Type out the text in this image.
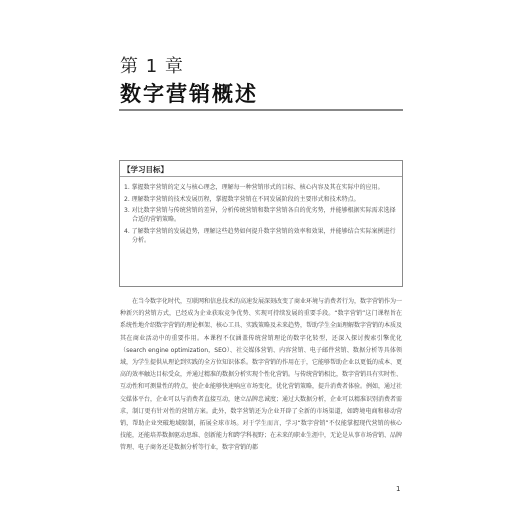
第 1 章
数字营销概述
【学习目标】
1. 掌握数字营销的定义与核心理念，理解每一种营销形式的目标、核心内容及其在实际中的应用。
2. 理解数字营销的技术发展历程，掌握数字营销在不同发展阶段的主要形式和技术特点。
3. 对比数字营销与传统营销的差异，分析传统营销和数字营销各自的优劣势，并能够根据实际需求选择合适的营销策略。
4. 了解数字营销的发展趋势，理解这些趋势如何提升数字营销的效率和效果，并能够结合实际案例进行分析。

在当今数字化时代，互联网和信息技术的高速发展深刻改变了商业环境与消费者行为，数字营销作为一种新兴的营销方式，已经成为企业获取竞争优势、实现可持续发展的重要手段。“数字营销”这门课程旨在系统性地介绍数字营销的理论框架、核心工具、实践策略及未来趋势，帮助学生全面理解数字营销的本质及其在商业活动中的重要作用。本课程不仅涵盖传统营销理论的数字化转型，还深入探讨搜索引擎优化（search engine optimization，SEO）、社交媒体营销、内容营销、电子邮件营销、数据分析等具体领域，为学生提供从理论到实践的全方位知识体系。数字营销的作用在于，它能够帮助企业以更低的成本、更高的效率触达目标受众，并通过精准的数据分析实现个性化营销。与传统营销相比，数字营销具有实时性、互动性和可测量性的特点，使企业能够快速响应市场变化，优化营销策略，提升消费者体验。例如，通过社交媒体平台，企业可以与消费者直接互动，建立品牌忠诚度；通过大数据分析，企业可以精准识别消费者需求，制订更有针对性的营销方案。此外，数字营销还为企业开辟了全新的市场渠道，如跨境电商和移动营销，帮助企业突破地域限制，拓展全球市场。对于学生而言，学习“数字营销”不仅能掌握现代营销的核心技能，还能培养数据驱动思维、创新能力和跨学科视野；在未来的职业生涯中，无论是从事市场营销、品牌管理、电子商务还是数据分析等行业，数字营销的都

1
